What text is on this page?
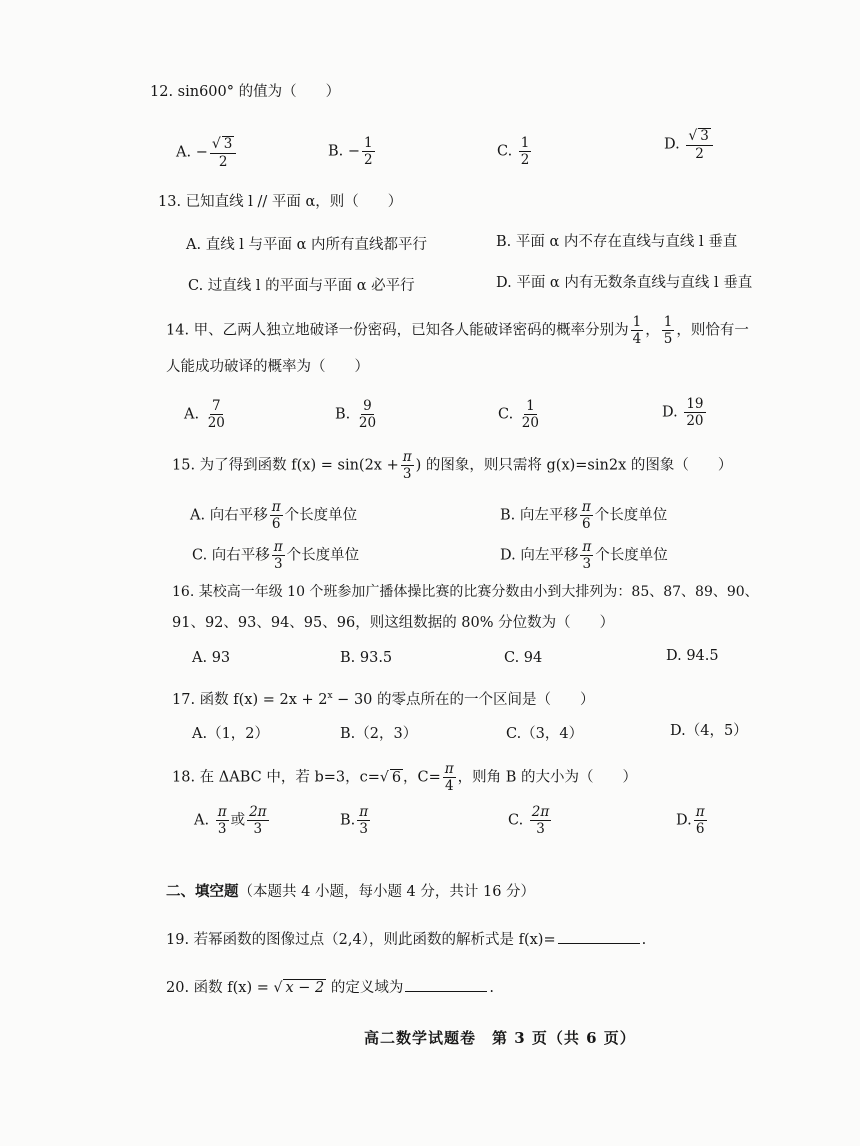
12. sin600° 的值为（　　）
A. − $\frac{√ 3}{2}$	B. − $\frac{1}{2}$	C. $\frac{1}{2}$	D. $\frac{√ 3}{2}$
13. 已知直线 l // 平面 α，则（　　）
A. 直线 l 与平面 α 内所有直线都平行	B. 平面 α 内不存在直线与直线 l 垂直
C. 过直线 l 的平面与平面 α 必平行	D. 平面 α 内有无数条直线与直线 l 垂直
14. 甲、乙两人独立地破译一份密码，已知各人能破译密码的概率分别为 $\frac{1}{4}$ ， $\frac{1}{5}$ ，则恰有一
人能成功破译的概率为（　　）
A. $\frac{7}{20}$	B. $\frac{9}{20}$	C. $\frac{1}{20}$	D. $\frac{19}{20}$
15. 为了得到函数 $f(x) = \sin(2x + \frac{\pi}{3}$ ) 的图象，则只需将 g(x)=sin2x 的图象（　　）
A. 向右平移 $\frac{\pi}{6}$ 个长度单位	B. 向左平移 $\frac{\pi}{6}$ 个长度单位
C. 向右平移 $\frac{\pi}{3}$ 个长度单位	D. 向左平移 $\frac{\pi}{3}$ 个长度单位
16. 某校高一年级 10 个班参加广播体操比赛的比赛分数由小到大排列为：85、87、89、90、
91、92、93、94、95、96，则这组数据的 80% 分位数为（　　）
A. 93	B. 93.5	C. 94	D. 94.5
17. 函数 $f(x) = 2x + 2^x - 30$ 的零点所在的一个区间是（　　）
A.（1，2）	B.（2，3）	C.（3，4）	D.（4，5）
18. 在 ΔABC 中，若 b=3，c=√ 6 ，$C= \frac{\pi}{4}$ ，则角 B 的大小为（　　）
A. $\frac{\pi}{3}$ 或 $\frac{2\pi}{3}$	B. $\frac{\pi}{3}$	C. $\frac{2\pi}{3}$	D. $\frac{\pi}{6}$
二、填空题（本题共 4 小题，每小题 4 分，共计 16 分）
19. 若幂函数的图像过点（2,4），则此函数的解析式是 f(x)=	.
20. 函数 f(x) = √ x − 2 的定义域为	.
高二数学试题卷　第 3 页（共 6 页）
